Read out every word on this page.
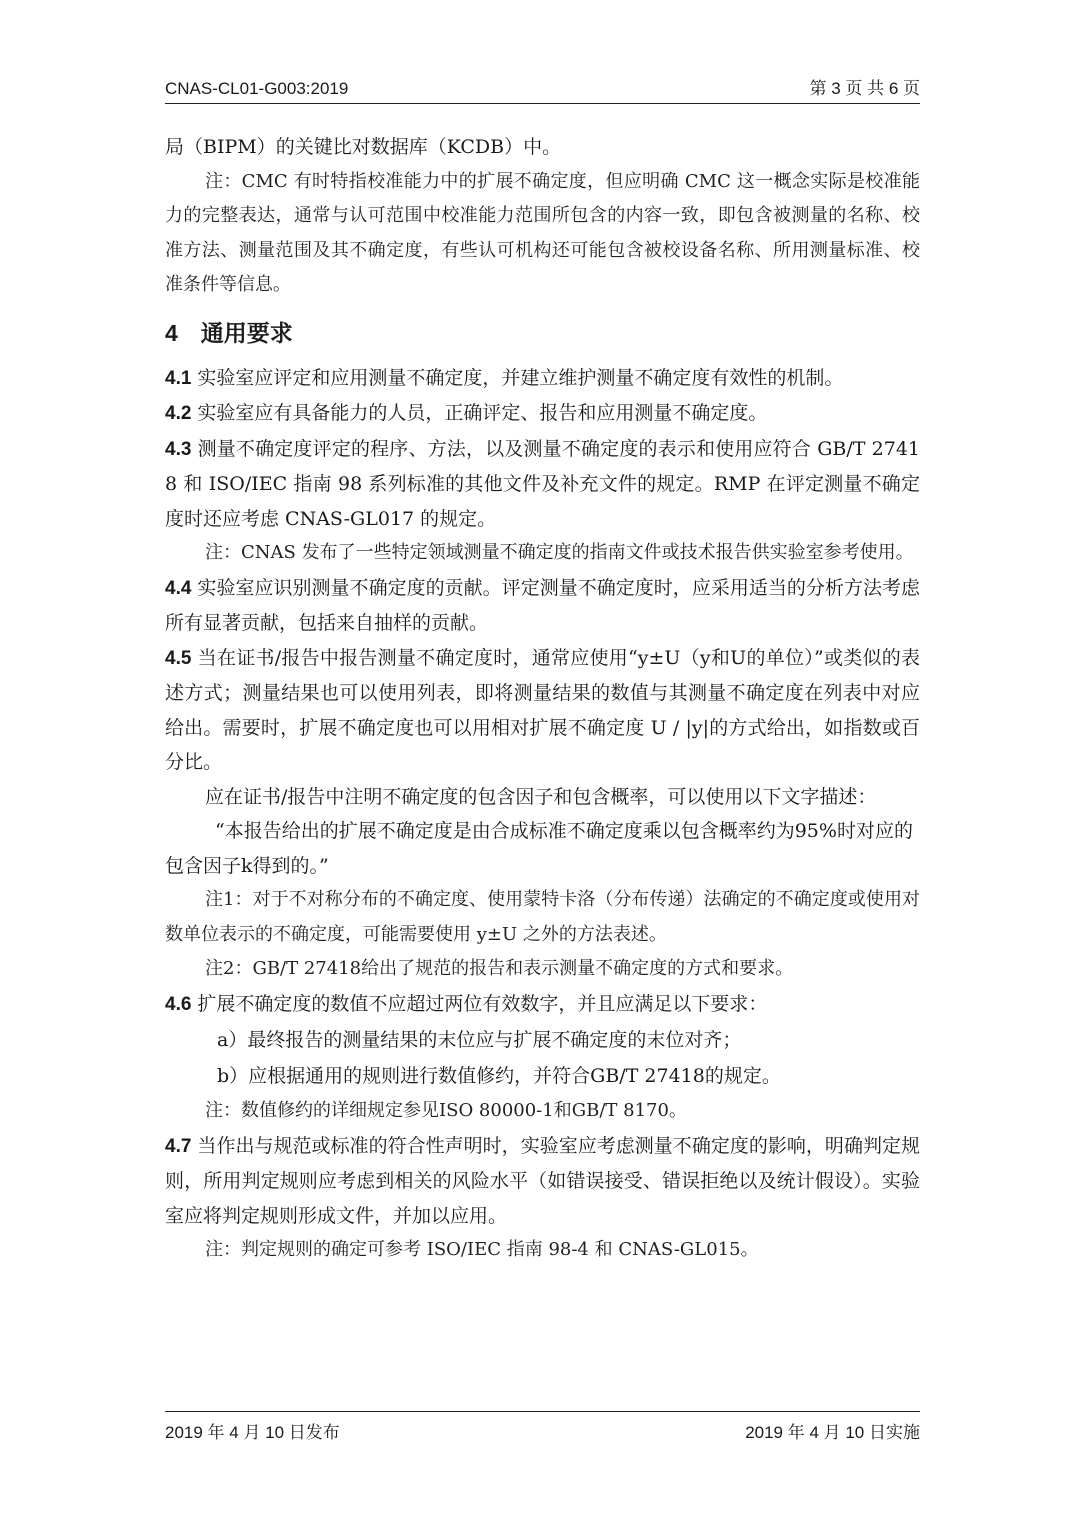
CNAS-CL01-G003:2019	第 3 页 共 6 页

局（BIPM）的关键比对数据库（KCDB）中。

注：CMC 有时特指校准能力中的扩展不确定度，但应明确 CMC 这一概念实际是校准能力的完整表达，通常与认可范围中校准能力范围所包含的内容一致，即包含被测量的名称、校准方法、测量范围及其不确定度，有些认可机构还可能包含被校设备名称、所用测量标准、校准条件等信息。

4　通用要求

4.1 实验室应评定和应用测量不确定度，并建立维护测量不确定度有效性的机制。

4.2 实验室应有具备能力的人员，正确评定、报告和应用测量不确定度。

4.3 测量不确定度评定的程序、方法，以及测量不确定度的表示和使用应符合 GB/T 27418 和 ISO/IEC 指南 98 系列标准的其他文件及补充文件的规定。RMP 在评定测量不确定度时还应考虑 CNAS-GL017 的规定。

注：CNAS 发布了一些特定领域测量不确定度的指南文件或技术报告供实验室参考使用。

4.4 实验室应识别测量不确定度的贡献。评定测量不确定度时，应采用适当的分析方法考虑所有显著贡献，包括来自抽样的贡献。

4.5 当在证书/报告中报告测量不确定度时，通常应使用“y±U（y和U的单位）”或类似的表述方式；测量结果也可以使用列表，即将测量结果的数值与其测量不确定度在列表中对应给出。需要时，扩展不确定度也可以用相对扩展不确定度 U / |y|的方式给出，如指数或百分比。

应在证书/报告中注明不确定度的包含因子和包含概率，可以使用以下文字描述：

“本报告给出的扩展不确定度是由合成标准不确定度乘以包含概率约为95%时对应的包含因子k得到的。”

注1：对于不对称分布的不确定度、使用蒙特卡洛（分布传递）法确定的不确定度或使用对数单位表示的不确定度，可能需要使用 y±U 之外的方法表述。

注2：GB/T 27418给出了规范的报告和表示测量不确定度的方式和要求。

4.6 扩展不确定度的数值不应超过两位有效数字，并且应满足以下要求：

a）最终报告的测量结果的末位应与扩展不确定度的末位对齐；

b）应根据通用的规则进行数值修约，并符合GB/T 27418的规定。

注：数值修约的详细规定参见ISO 80000-1和GB/T 8170。

4.7 当作出与规范或标准的符合性声明时，实验室应考虑测量不确定度的影响，明确判定规则，所用判定规则应考虑到相关的风险水平（如错误接受、错误拒绝以及统计假设）。实验室应将判定规则形成文件，并加以应用。

注：判定规则的确定可参考 ISO/IEC 指南 98-4 和 CNAS-GL015。

2019 年 4 月 10 日发布	2019 年 4 月 10 日实施
